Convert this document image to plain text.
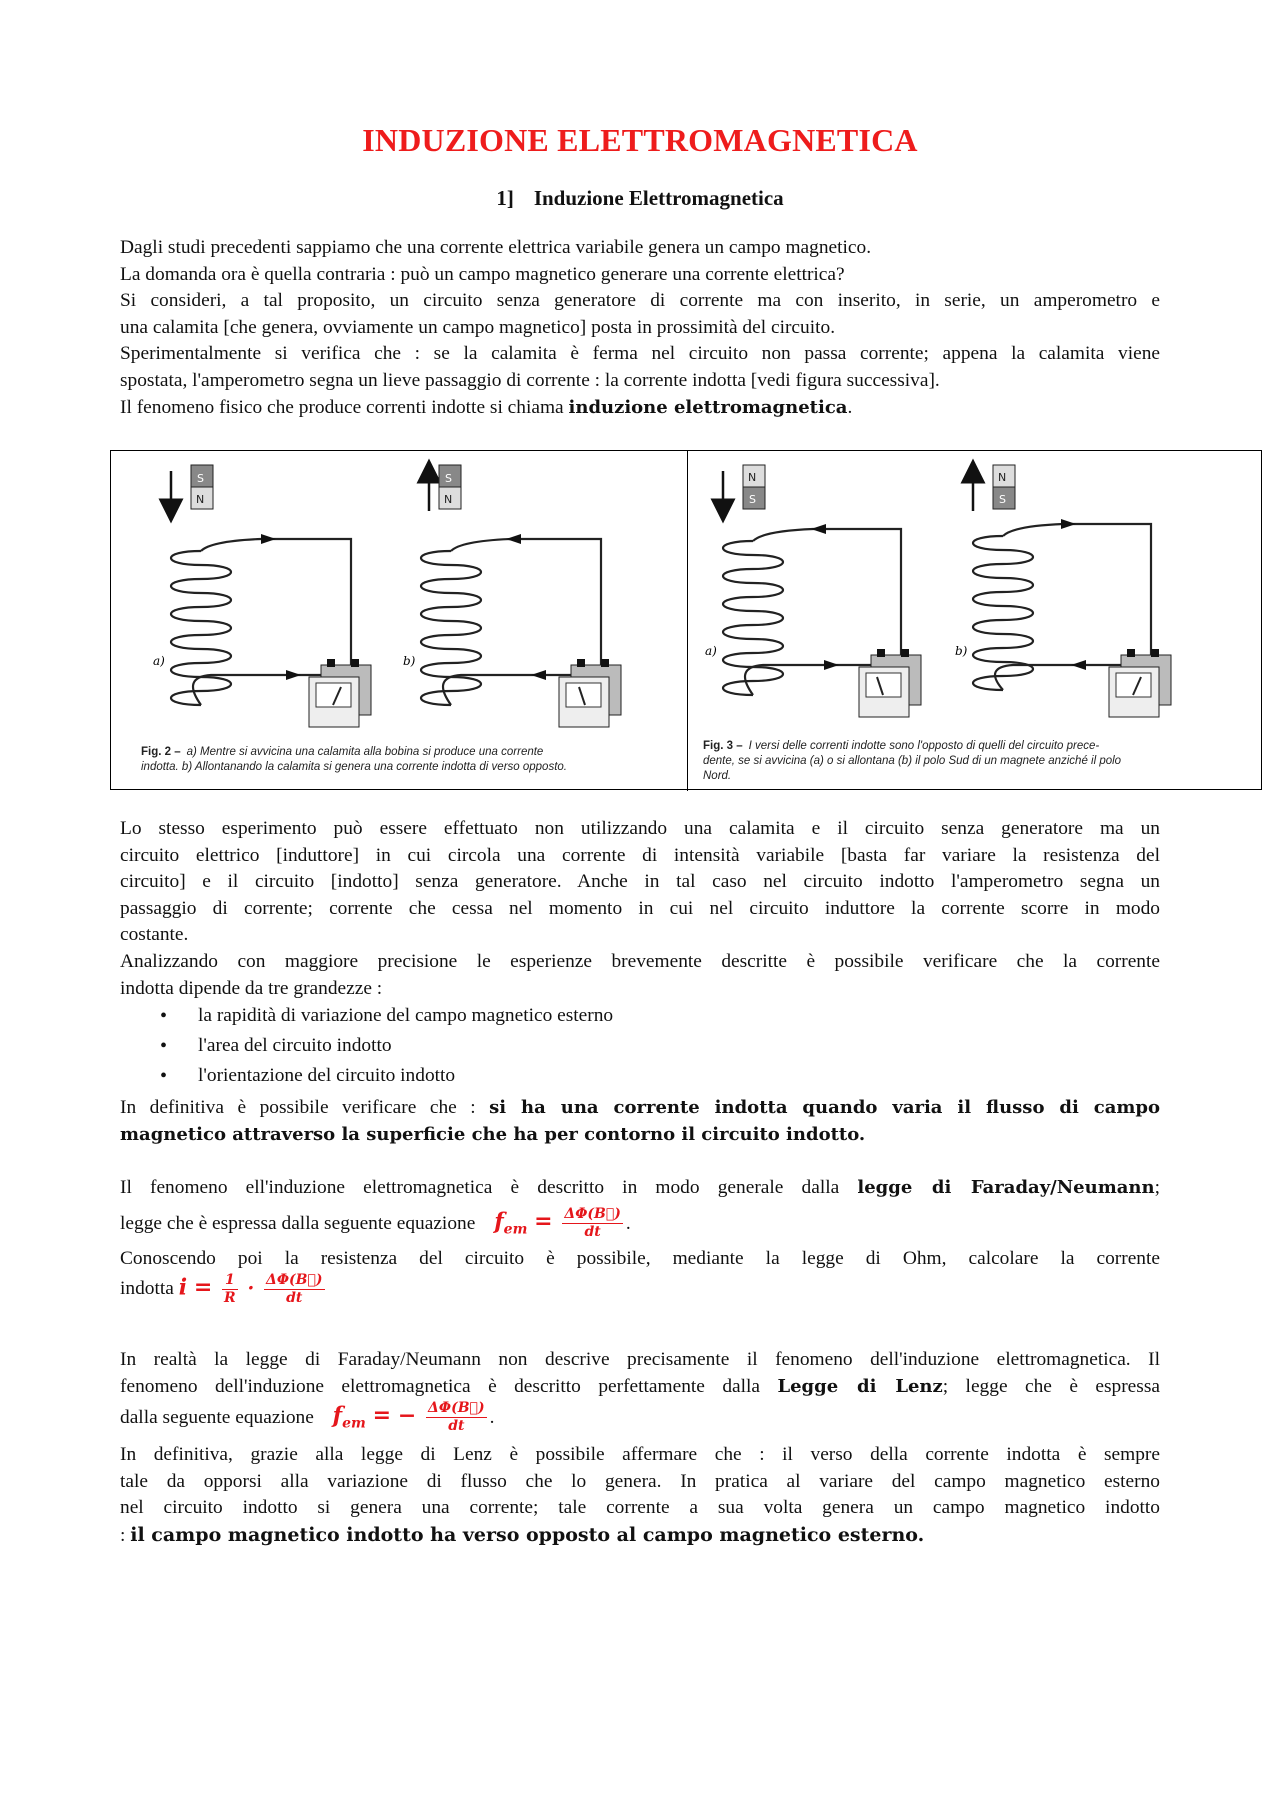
INDUZIONE ELETTROMAGNETICA
1] Induzione Elettromagnetica
Dagli studi precedenti sappiamo che una corrente elettrica variabile genera un campo magnetico.
La domanda ora è quella contraria : può un campo magnetico generare una corrente elettrica?
Si consideri, a tal proposito, un circuito senza generatore di corrente ma con inserito, in serie, un amperometro e
una calamita [che genera, ovviamente un campo magnetico] posta in prossimità del circuito.
Sperimentalmente si verifica che : se la calamita è ferma nel circuito non passa corrente; appena la calamita viene
spostata, l'amperometro segna un lieve passaggio di corrente : la corrente indotta [vedi figura successiva].
Il fenomeno fisico che produce correnti indotte si chiama induzione elettromagnetica.
S
N
a)
S
N
b)
N
S
a)
N
S
b)
Fig. 2 – a) Mentre si avvicina una calamita alla bobina si produce una corrente
indotta. b) Allontanando la calamita si genera una corrente indotta di verso opposto.
Fig. 3 – I versi delle correnti indotte sono l'opposto di quelli del circuito prece-
dente, se si avvicina (a) o si allontana (b) il polo Sud di un magnete anziché il polo
Nord.
Lo stesso esperimento può essere effettuato non utilizzando una calamita e il circuito senza generatore ma un
circuito elettrico [induttore] in cui circola una corrente di intensità variabile [basta far variare la resistenza del
circuito] e il circuito [indotto] senza generatore. Anche in tal caso nel circuito indotto l'amperometro segna un
passaggio di corrente; corrente che cessa nel momento in cui nel circuito induttore la corrente scorre in modo
costante.
Analizzando con maggiore precisione le esperienze brevemente descritte è possibile verificare che la corrente
indotta dipende da tre grandezze :
• la rapidità di variazione del campo magnetico esterno
• l'area del circuito indotto
• l'orientazione del circuito indotto
In definitiva è possibile verificare che : si ha una corrente indotta quando varia il flusso di campo
magnetico attraverso la superficie che ha per contorno il circuito indotto.
Il fenomeno ell'induzione elettromagnetica è descritto in modo generale dalla legge di Faraday/Neumann;
legge che è espressa dalla seguente equazione $f_{em} = \frac{\Delta\Phi(B⃗)}{dt}$ .
Conoscendo poi la resistenza del circuito è possibile, mediante la legge di Ohm, calcolare la corrente
indotta $i = \frac{1}{R} \cdot \frac{\Delta\Phi(B⃗)}{dt}$
In realtà la legge di Faraday/Neumann non descrive precisamente il fenomeno dell'induzione elettromagnetica. Il
fenomeno dell'induzione elettromagnetica è descritto perfettamente dalla Legge di Lenz; legge che è espressa
dalla seguente equazione $f_{em}$ = − $\frac{\Delta\Phi(B⃗)}{dt}$ .
In definitiva, grazie alla legge di Lenz è possibile affermare che : il verso della corrente indotta è sempre
tale da opporsi alla variazione di flusso che lo genera. In pratica al variare del campo magnetico esterno
nel circuito indotto si genera una corrente; tale corrente a sua volta genera un campo magnetico indotto
: il campo magnetico indotto ha verso opposto al campo magnetico esterno.
